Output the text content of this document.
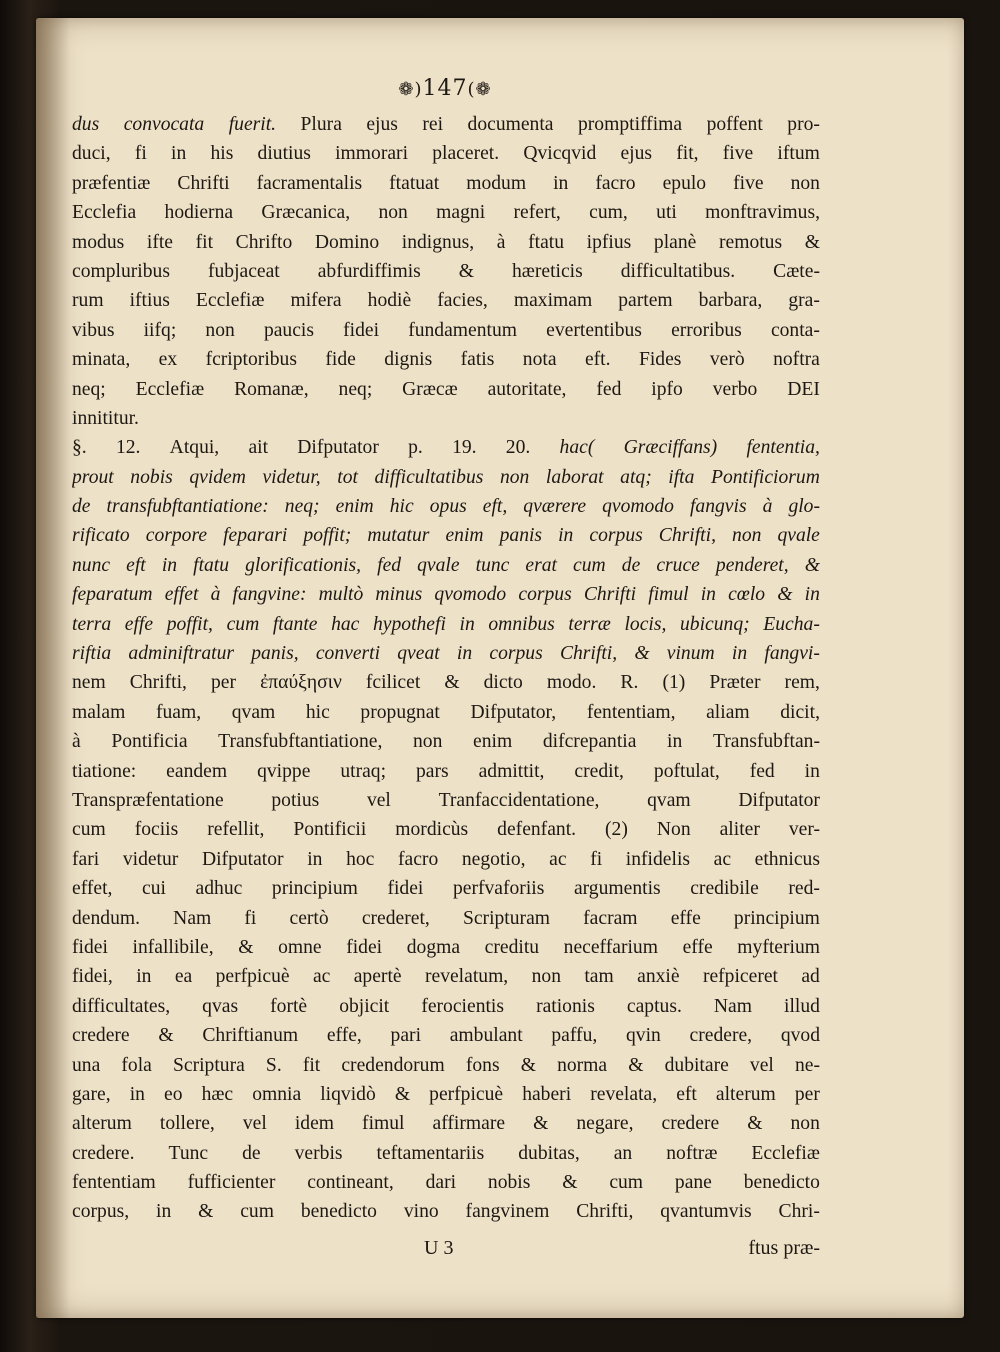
❁)147(❁
dus convocata fuerit. Plura ejus rei documenta promptiffima poffent pro-
duci, fi in his diutius immorari placeret. Qvicqvid ejus fit, five iftum
præfentiæ Chrifti facramentalis ftatuat modum in facro epulo five non
Ecclefia hodierna Græcanica, non magni refert, cum, uti monftravimus,
modus ifte fit Chrifto Domino indignus, à ftatu ipfius planè remotus &
compluribus fubjaceat abfurdiffimis & hæreticis difficultatibus. Cæte-
rum iftius Ecclefiæ mifera hodiè facies, maximam partem barbara, gra-
vibus iifq; non paucis fidei fundamentum evertentibus erroribus conta-
minata, ex fcriptoribus fide dignis fatis nota eft. Fides verò noftra
neq; Ecclefiæ Romanæ, neq; Græcæ autoritate, fed ipfo verbo DEI
innititur.
§. 12. Atqui, ait Difputator p. 19. 20. hac( Græciffans) fententia,
prout nobis qvidem videtur, tot difficultatibus non laborat atq; ifta Pontificiorum
de transfubftantiatione: neq; enim hic opus eft, qværere qvomodo fangvis à glo-
rificato corpore feparari poffit; mutatur enim panis in corpus Chrifti, non qvale
nunc eft in ftatu glorificationis, fed qvale tunc erat cum de cruce penderet, &
feparatum effet à fangvine: multò minus qvomodo corpus Chrifti fimul in cœlo & in
terra effe poffit, cum ftante hac hypothefi in omnibus terræ locis, ubicunq; Eucha-
riftia adminiftratur panis, converti qveat in corpus Chrifti, & vinum in fangvi-
nem Chrifti, per ἐπαύξησιν fcilicet & dicto modo. R. (1) Præter rem,
malam fuam, qvam hic propugnat Difputator, fententiam, aliam dicit,
à Pontificia Transfubftantiatione, non enim difcrepantia in Transfubftan-
tiatione: eandem qvippe utraq; pars admittit, credit, poftulat, fed in
Transpræfentatione potius vel Tranfaccidentatione, qvam Difputator
cum fociis refellit, Pontificii mordicùs defenfant. (2) Non aliter ver-
fari videtur Difputator in hoc facro negotio, ac fi infidelis ac ethnicus
effet, cui adhuc principium fidei perfvaforiis argumentis credibile red-
dendum. Nam fi certò crederet, Scripturam facram effe principium
fidei infallibile, & omne fidei dogma creditu neceffarium effe myfterium
fidei, in ea perfpicuè ac apertè revelatum, non tam anxiè refpiceret ad
difficultates, qvas fortè objicit ferocientis rationis captus. Nam illud
credere & Chriftianum effe, pari ambulant paffu, qvin credere, qvod
una fola Scriptura S. fit credendorum fons & norma & dubitare vel ne-
gare, in eo hæc omnia liqvidò & perfpicuè haberi revelata, eft alterum per
alterum tollere, vel idem fimul affirmare & negare, credere & non
credere. Tunc de verbis teftamentariis dubitas, an noftræ Ecclefiæ
fententiam fufficienter contineant, dari nobis & cum pane benedicto
corpus, in & cum benedicto vino fangvinem Chrifti, qvantumvis Chri-
U 3	ftus præ-
